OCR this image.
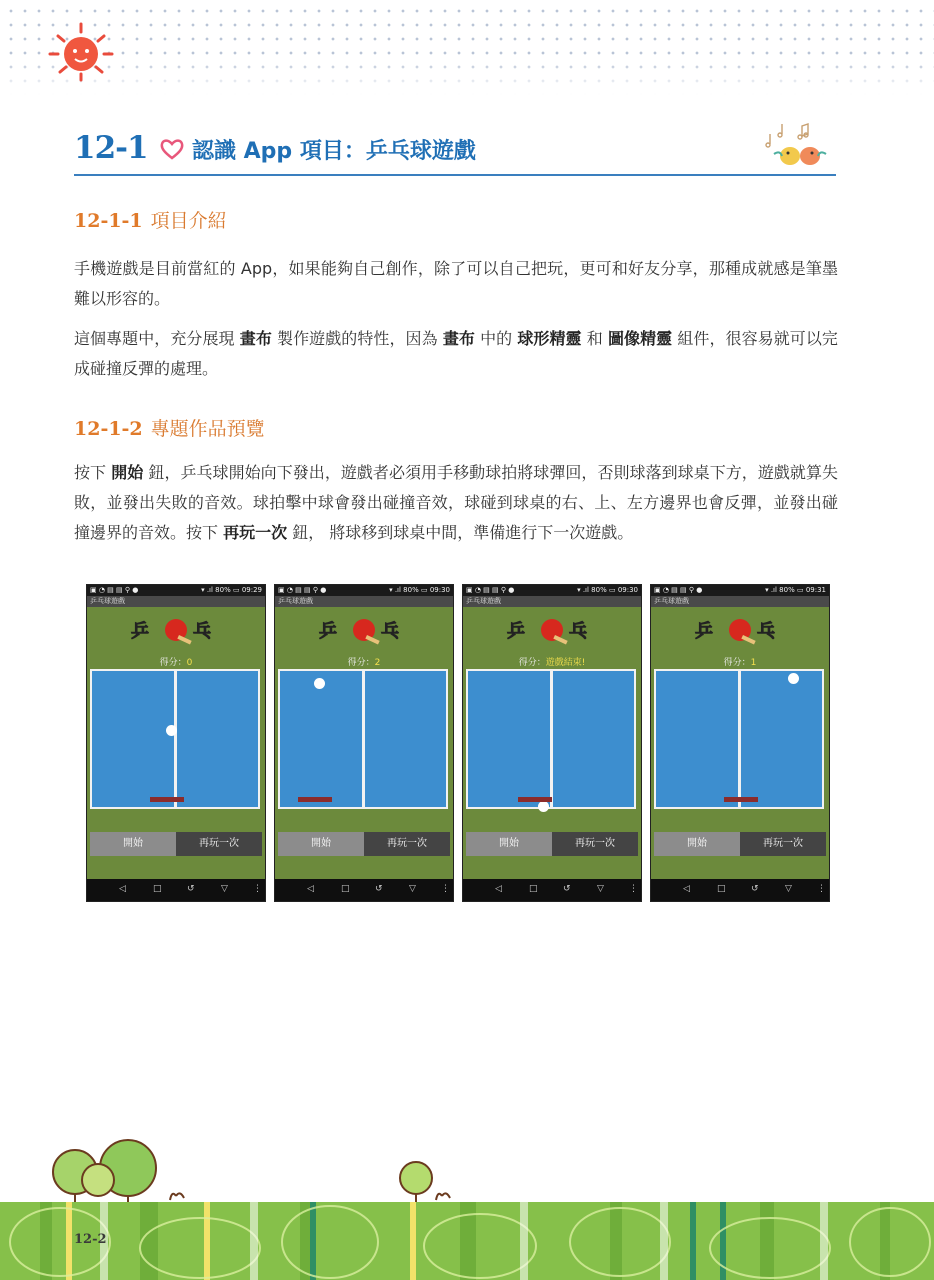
12-1 認識 App 項目：乒乓球遊戲
12-1-1 項目介紹
手機遊戲是目前當紅的 App，如果能夠自己創作，除了可以自己把玩，更可和好友分享，那種成就感是筆墨難以形容的。
這個專題中，充分展現 畫布 製作遊戲的特性，因為 畫布 中的 球形精靈 和 圖像精靈 組件，很容易就可以完成碰撞反彈的處理。
12-1-2 專題作品預覽
按下 開始 鈕，乒乓球開始向下發出，遊戲者必須用手移動球拍將球彈回，否則球落到球桌下方，遊戲就算失敗，並發出失敗的音效。球拍擊中球會發出碰撞音效，球碰到球桌的右、上、左方邊界也會反彈，並發出碰撞邊界的音效。按下 再玩一次 鈕， 將球移到球桌中間，準備進行下一次遊戲。
▣ ◔ ▤ ▤ ⚲ ●	▾ .ıl 80% ▭ 09:29
乒乓球遊戲
乒 乓
得分：0
開始	再玩一次
◁	□	↺	▽	⋮
▣ ◔ ▤ ▤ ⚲ ●	▾ .ıl 80% ▭ 09:30
乒乓球遊戲
乒 乓
得分：2
開始	再玩一次
◁	□	↺	▽	⋮
▣ ◔ ▤ ▤ ⚲ ●	▾ .ıl 80% ▭ 09:30
乒乓球遊戲
乒 乓
得分：遊戲結束!
開始	再玩一次
◁	□	↺	▽	⋮
▣ ◔ ▤ ▤ ⚲ ●	▾ .ıl 80% ▭ 09:31
乒乓球遊戲
乒 乓
得分：1
開始	再玩一次
◁	□	↺	▽	⋮
12-2
